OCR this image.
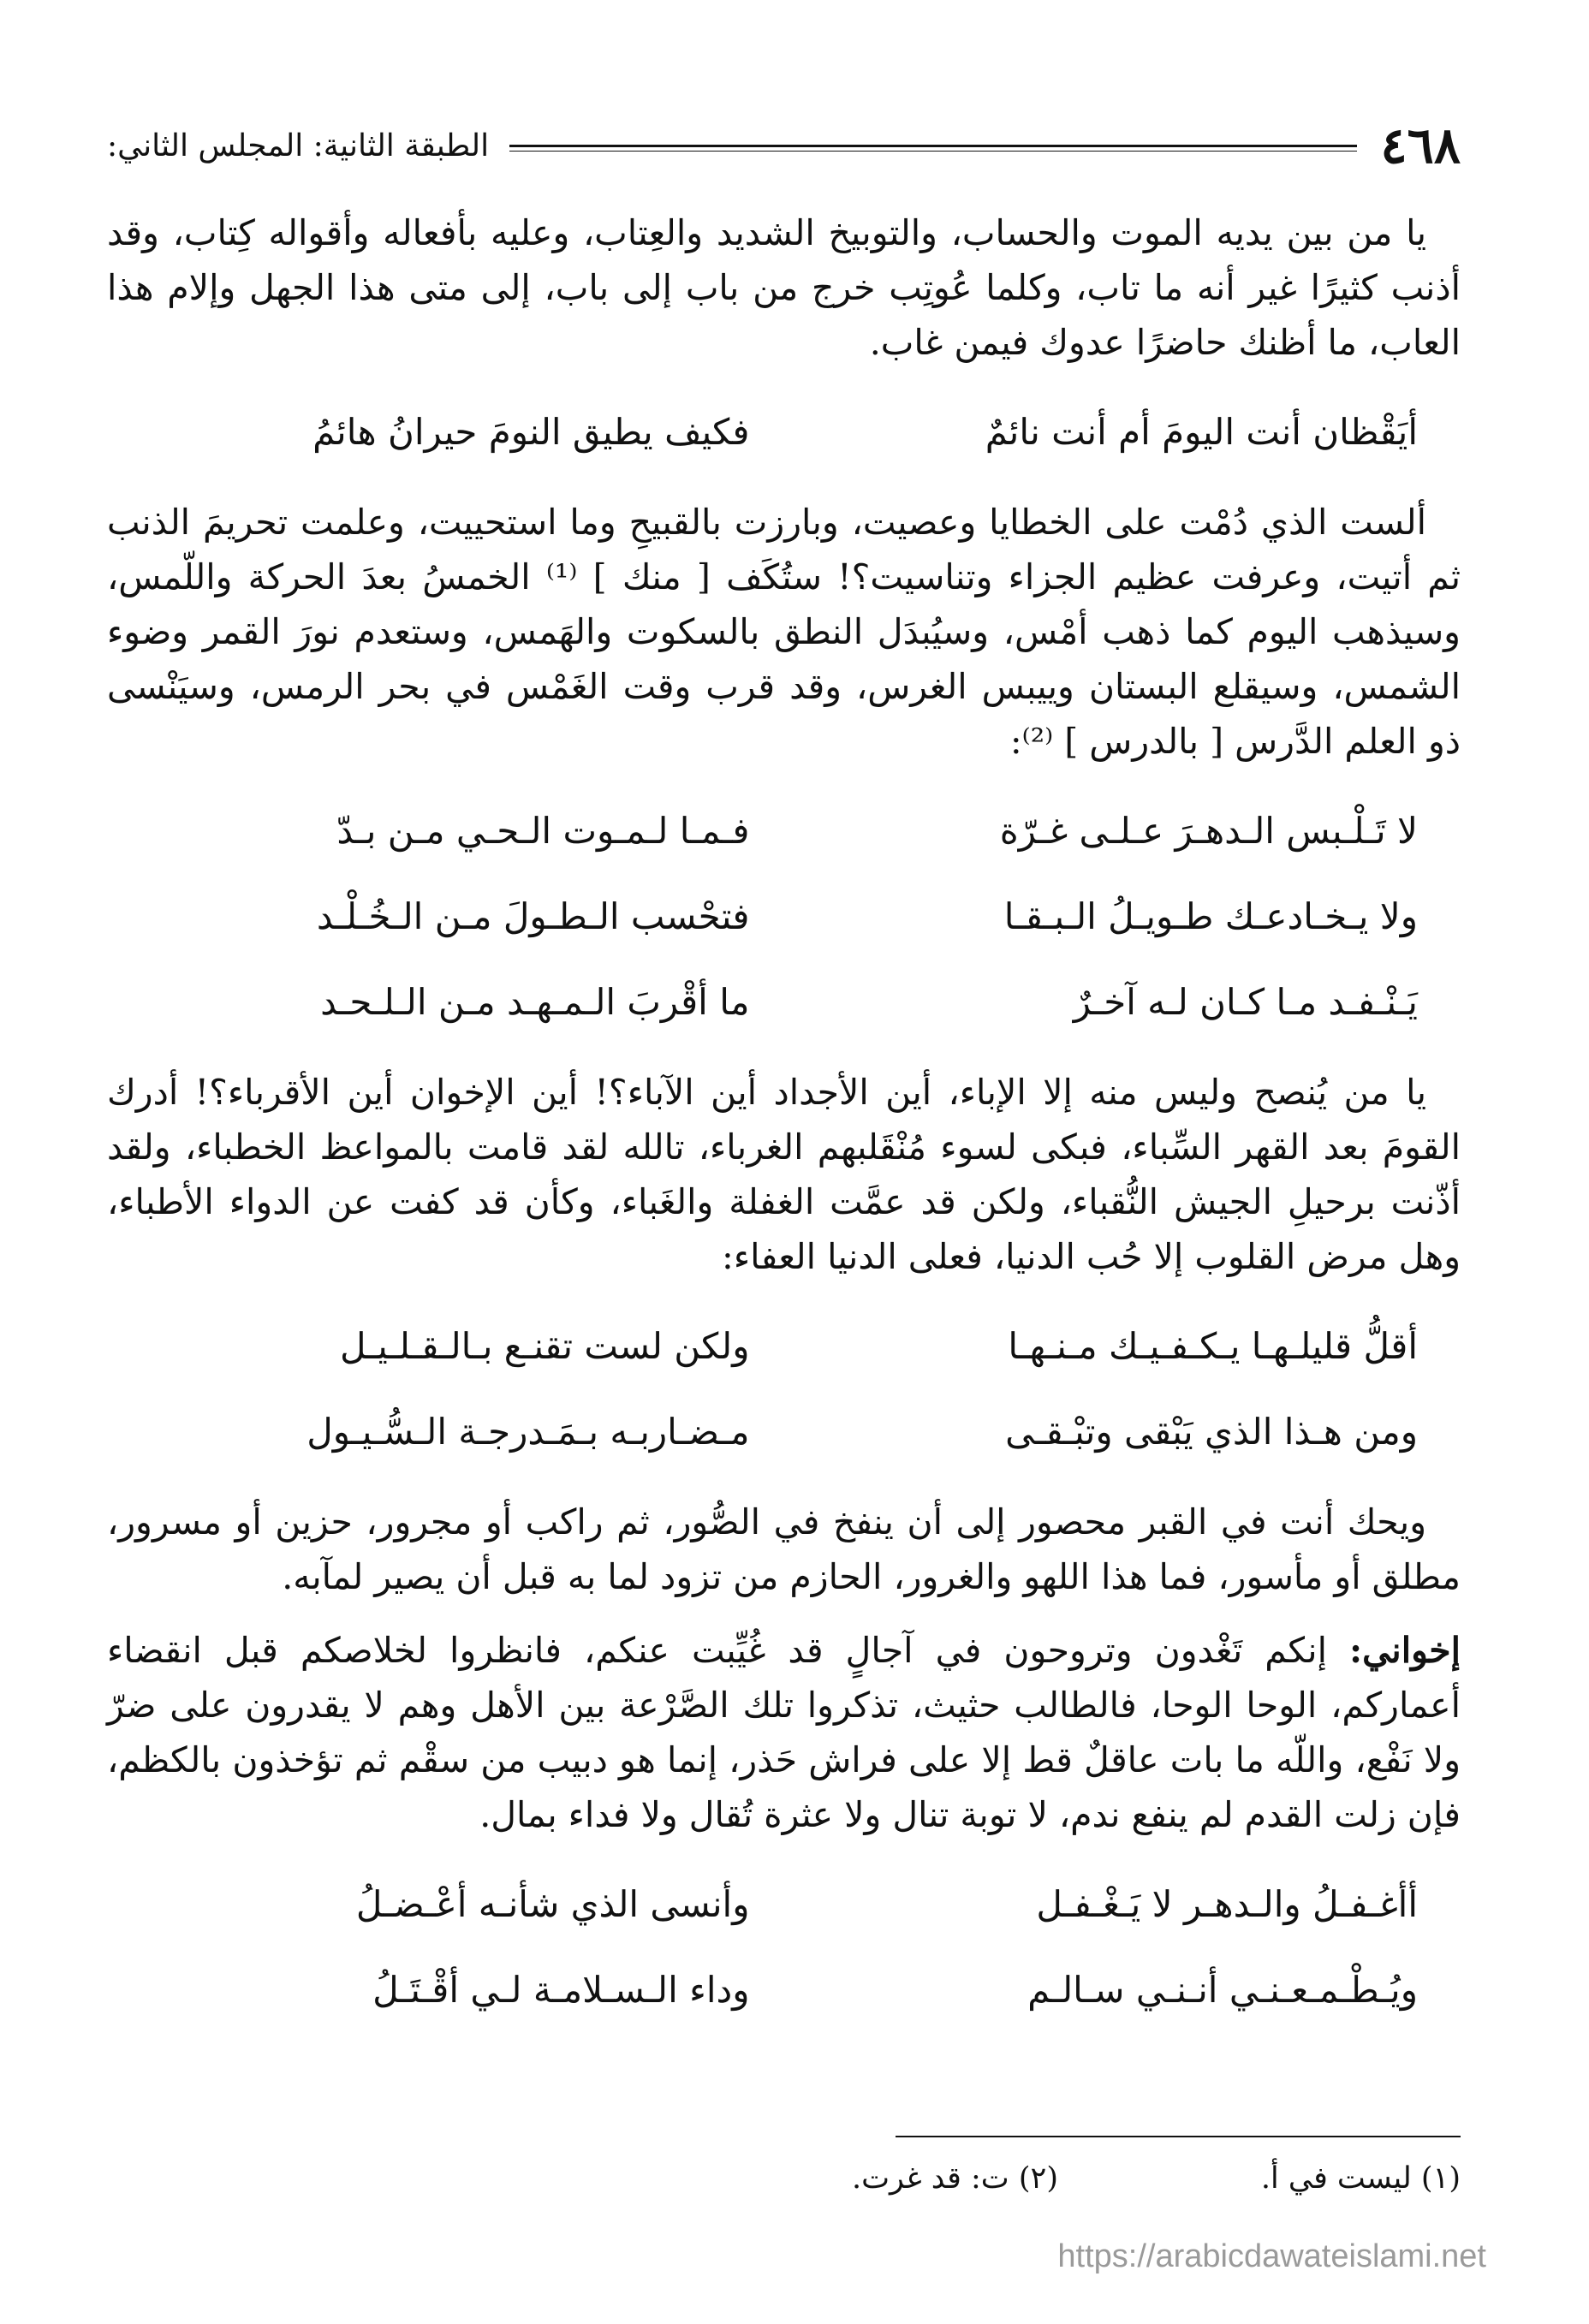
٤٦٨
الطبقة الثانية: المجلس الثاني:

يا من بين يديه الموت والحساب، والتوبيخ الشديد والعِتاب، وعليه بأفعاله وأقواله كِتاب، وقد أذنب كثيرًا غير أنه ما تاب، وكلما عُوتِب خرج من باب إلى باب، إلى متى هذا الجهل وإلام هذا العاب، ما أظنك حاضرًا عدوك فيمن غاب.

أيَقْظان أنت اليومَ أم أنت نائمٌ
فكيف يطيق النومَ حيرانُ هائمُ

ألست الذي دُمْت على الخطايا وعصيت، وبارزت بالقبيحِ وما استحييت، وعلمت تحريمَ الذنب ثم أتيت، وعرفت عظيم الجزاء وتناسيت؟! ستُكَف [ منك ] ⁽¹⁾ الخمسُ بعدَ الحركة واللّمس، وسيذهب اليوم كما ذهب أمْس، وسيُبدَل النطق بالسكوت والهَمس، وستعدم نورَ القمر وضوء الشمس، وسيقلع البستان وييبس الغرس، وقد قرب وقت الغَمْس في بحر الرمس، وسيَنْسى ذو العلم الدَّرس [ بالدرس ] ⁽²⁾:

لا تَـلْـبس الـدهـرَ عـلـى غـرّة
فـمـا لـمـوت الـحـي مـن بـدّ
ولا يـخـادعـك طـويـلُ الـبـقـا
فتحْسب الـطـولَ مـن الـخُـلْـد
يَـنْـفـد مـا كـان لـه آخـرٌ
ما أقْربَ الـمـهـد مـن الـلـحـد

يا من يُنصح وليس منه إلا الإباء، أين الأجداد أين الآباء؟! أين الإخوان أين الأقرباء؟! أدرك القومَ بعد القهر السِّباء، فبكى لسوء مُنْقَلبهم الغرباء، تالله لقد قامت بالمواعظ الخطباء، ولقد أذّنت برحيلِ الجيش النُّقباء، ولكن قد عمَّت الغفلة والغَباء، وكأن قد كفت عن الدواء الأطباء، وهل مرض القلوب إلا حُب الدنيا، فعلى الدنيا العفاء:

أقلُّ قليلـهـا يـكـفـيـك مـنـهـا
ولكن لست تقنـع بـالـقـلـيـل
ومن هـذا الذي يَبْقى وتبْـقـى
مـضـاربـه بـمَـدرجـة الـسُّـيـول

ويحك أنت في القبر محصور إلى أن ينفخ في الصُّور، ثم راكب أو مجرور، حزين أو مسرور، مطلق أو مأسور، فما هذا اللهو والغرور، الحازم من تزود لما به قبل أن يصير لمآبه.

إخواني: إنكم تَغْدون وتروحون في آجالٍ قد غُيِّبت عنكم، فانظروا لخلاصكم قبل انقضاء أعماركم، الوحا الوحا، فالطالب حثيث، تذكروا تلك الصَّرْعة بين الأهل وهم لا يقدرون على ضرّ ولا نَفْع، واللّه ما بات عاقلٌ قط إلا على فراش حَذر، إنما هو دبيب من سقْم ثم تؤخذون بالكظم، فإن زلت القدم لم ينفع ندم، لا توبة تنال ولا عثرة تُقال ولا فداء بمال.

أأغـفـلُ والـدهـر لا يَـغْـفـل
وأنسى الذي شأنـه أعْـضـلُ
ويُـطْـمـعـنـي أنـنـي سـالـم
وداء الـسـلامـة لـي أقْـتَـلُ
(١) ليست في أ.
(٢) ت: قد غرت.
https://arabicdawateislami.net
